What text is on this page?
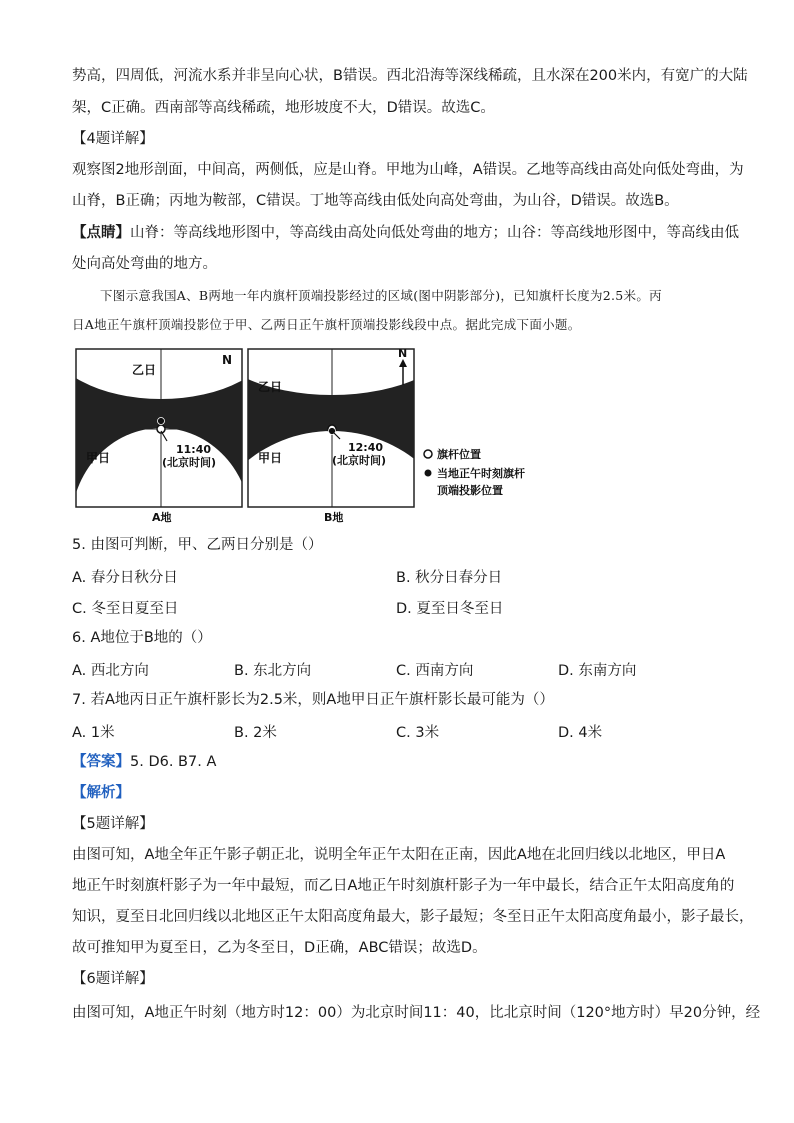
势高，四周低，河流水系并非呈向心状，B错误。西北沿海等深线稀疏，且水深在200米内，有宽广的大陆
架，C正确。西南部等高线稀疏，地形坡度不大，D错误。故选C。
【4题详解】
观察图2地形剖面，中间高，两侧低，应是山脊。甲地为山峰，A错误。乙地等高线由高处向低处弯曲，为
山脊，B正确；丙地为鞍部，C错误。丁地等高线由低处向高处弯曲，为山谷，D错误。故选B。
【点睛】山脊：等高线地形图中，等高线由高处向低处弯曲的地方；山谷：等高线地形图中，等高线由低
处向高处弯曲的地方。
下图示意我国A、B两地一年内旗杆顶端投影经过的区域(图中阴影部分)，已知旗杆长度为2.5米。丙
日A地正午旗杆顶端投影位于甲、乙两日正午旗杆顶端投影线段中点。据此完成下面小题。
乙日
N
甲日
11:40
(北京时间)
A地
乙日
N
甲日
12:40
(北京时间)
B地
旗杆位置
当地正午时刻旗杆
顶端投影位置
5. 由图可判断，甲、乙两日分别是（）
A. 春分日秋分日	B. 秋分日春分日
C. 冬至日夏至日	D. 夏至日冬至日
6. A地位于B地的（）
A. 西北方向	B. 东北方向	C. 西南方向	D. 东南方向
7. 若A地丙日正午旗杆影长为2.5米，则A地甲日正午旗杆影长最可能为（）
A. 1米	B. 2米	C. 3米	D. 4米
【答案】5. D6. B7. A
【解析】
【5题详解】
由图可知，A地全年正午影子朝正北，说明全年正午太阳在正南，因此A地在北回归线以北地区，甲日A
地正午时刻旗杆影子为一年中最短，而乙日A地正午时刻旗杆影子为一年中最长，结合正午太阳高度角的
知识，夏至日北回归线以北地区正午太阳高度角最大，影子最短；冬至日正午太阳高度角最小，影子最长，
故可推知甲为夏至日，乙为冬至日，D正确，ABC错误；故选D。
【6题详解】
由图可知，A地正午时刻（地方时12：00）为北京时间11：40，比北京时间（120°地方时）早20分钟，经
